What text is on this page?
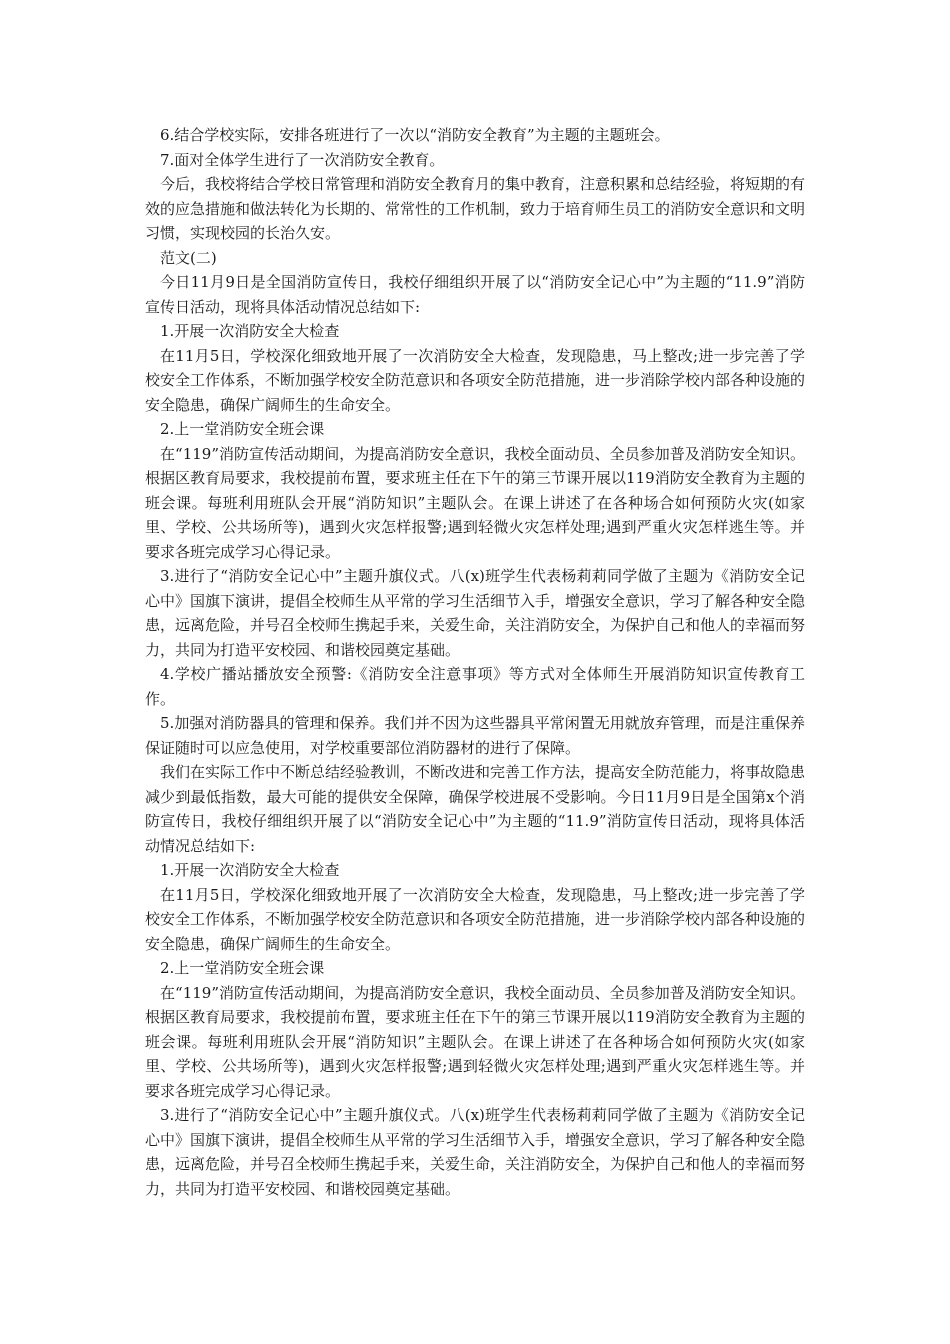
6.结合学校实际，安排各班进行了一次以“消防安全教育”为主题的主题班会。

7.面对全体学生进行了一次消防安全教育。

今后，我校将结合学校日常管理和消防安全教育月的集中教育，注意积累和总结经验，将短期的有效的应急措施和做法转化为长期的、常常性的工作机制，致力于培育师生员工的消防安全意识和文明习惯，实现校园的长治久安。

范文(二)

今日11月9日是全国消防宣传日，我校仔细组织开展了以“消防安全记心中”为主题的“11.9”消防宣传日活动，现将具体活动情况总结如下:

1.开展一次消防安全大检查

在11月5日，学校深化细致地开展了一次消防安全大检查，发现隐患，马上整改;进一步完善了学校安全工作体系，不断加强学校安全防范意识和各项安全防范措施，进一步消除学校内部各种设施的安全隐患，确保广阔师生的生命安全。

2.上一堂消防安全班会课

在“119”消防宣传活动期间，为提高消防安全意识，我校全面动员、全员参加普及消防安全知识。根据区教育局要求，我校提前布置，要求班主任在下午的第三节课开展以119消防安全教育为主题的班会课。每班利用班队会开展“消防知识”主题队会。在课上讲述了在各种场合如何预防火灾(如家里、学校、公共场所等)，遇到火灾怎样报警;遇到轻微火灾怎样处理;遇到严重火灾怎样逃生等。并要求各班完成学习心得记录。

3.进行了“消防安全记心中”主题升旗仪式。八(x)班学生代表杨莉莉同学做了主题为《消防安全记心中》国旗下演讲，提倡全校师生从平常的学习生活细节入手，增强安全意识，学习了解各种安全隐患，远离危险，并号召全校师生携起手来，关爱生命，关注消防安全，为保护自己和他人的幸福而努力，共同为打造平安校园、和谐校园奠定基础。

4.学校广播站播放安全预警:《消防安全注意事项》等方式对全体师生开展消防知识宣传教育工作。

5.加强对消防器具的管理和保养。我们并不因为这些器具平常闲置无用就放弃管理，而是注重保养保证随时可以应急使用，对学校重要部位消防器材的进行了保障。

我们在实际工作中不断总结经验教训，不断改进和完善工作方法，提高安全防范能力，将事故隐患减少到最低指数，最大可能的提供安全保障，确保学校进展不受影响。今日11月9日是全国第x个消防宣传日，我校仔细组织开展了以“消防安全记心中”为主题的“11.9”消防宣传日活动，现将具体活动情况总结如下:

1.开展一次消防安全大检查

在11月5日，学校深化细致地开展了一次消防安全大检查，发现隐患，马上整改;进一步完善了学校安全工作体系，不断加强学校安全防范意识和各项安全防范措施，进一步消除学校内部各种设施的安全隐患，确保广阔师生的生命安全。

2.上一堂消防安全班会课

在“119”消防宣传活动期间，为提高消防安全意识，我校全面动员、全员参加普及消防安全知识。根据区教育局要求，我校提前布置，要求班主任在下午的第三节课开展以119消防安全教育为主题的班会课。每班利用班队会开展“消防知识”主题队会。在课上讲述了在各种场合如何预防火灾(如家里、学校、公共场所等)，遇到火灾怎样报警;遇到轻微火灾怎样处理;遇到严重火灾怎样逃生等。并要求各班完成学习心得记录。

3.进行了“消防安全记心中”主题升旗仪式。八(x)班学生代表杨莉莉同学做了主题为《消防安全记心中》国旗下演讲，提倡全校师生从平常的学习生活细节入手，增强安全意识，学习了解各种安全隐患，远离危险，并号召全校师生携起手来，关爱生命，关注消防安全，为保护自己和他人的幸福而努力，共同为打造平安校园、和谐校园奠定基础。
